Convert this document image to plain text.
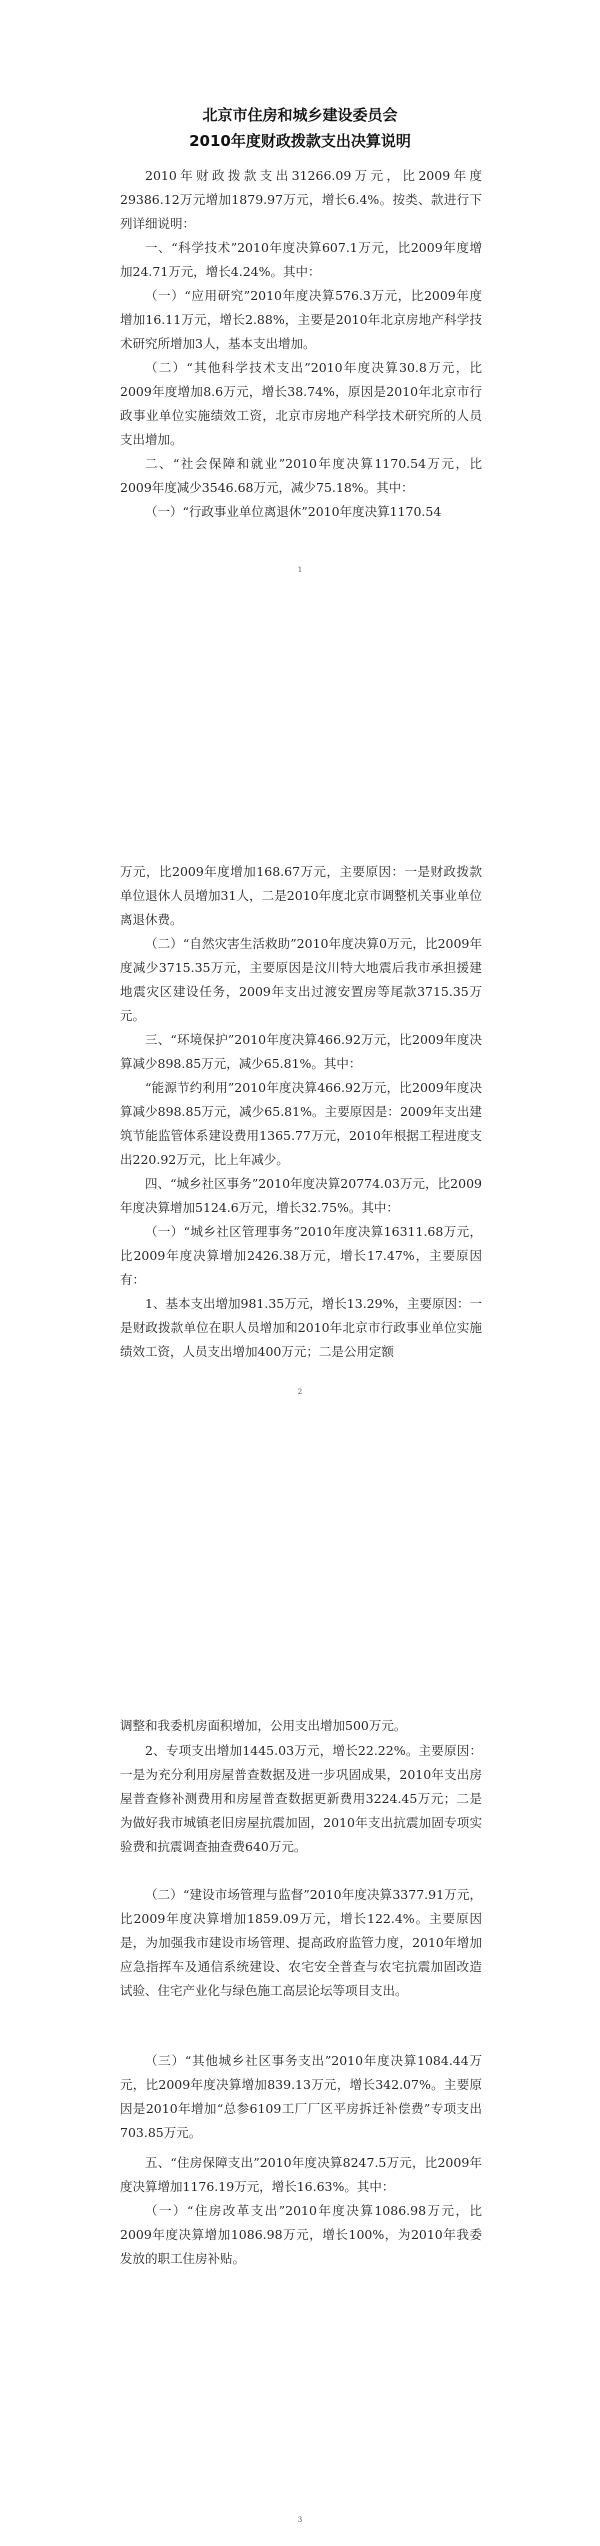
北京市住房和城乡建设委员会
2010年度财政拨款支出决算说明
2010年财政拨款支出31266.09万元，比2009年度29386.12万元增加1879.97万元，增长6.4%。按类、款进行下列详细说明：
一、“科学技术”2010年度决算607.1万元，比2009年度增加24.71万元，增长4.24%。其中：
（一）“应用研究”2010年度决算576.3万元，比2009年度增加16.11万元，增长2.88%，主要是2010年北京房地产科学技术研究所增加3人，基本支出增加。
（二）“其他科学技术支出”2010年度决算30.8万元，比2009年度增加8.6万元，增长38.74%，原因是2010年北京市行政事业单位实施绩效工资，北京市房地产科学技术研究所的人员支出增加。
二、“社会保障和就业”2010年度决算1170.54万元，比2009年度减少3546.68万元，减少75.18%。其中：
（一）“行政事业单位离退休”2010年度决算1170.54
1
万元，比2009年度增加168.67万元，主要原因：一是财政拨款单位退休人员增加31人，二是2010年度北京市调整机关事业单位离退休费。
（二）“自然灾害生活救助”2010年度决算0万元，比2009年度减少3715.35万元，主要原因是汶川特大地震后我市承担援建地震灾区建设任务，2009年支出过渡安置房等尾款3715.35万元。
三、“环境保护”2010年度决算466.92万元，比2009年度决算减少898.85万元，减少65.81%。其中：
“能源节约利用”2010年度决算466.92万元，比2009年度决算减少898.85万元，减少65.81%。主要原因是：2009年支出建筑节能监管体系建设费用1365.77万元，2010年根据工程进度支出220.92万元，比上年减少。
四、“城乡社区事务”2010年度决算20774.03万元，比2009年度决算增加5124.6万元，增长32.75%。其中：
（一）“城乡社区管理事务”2010年度决算16311.68万元，比2009年度决算增加2426.38万元，增长17.47%，主要原因有：
1、基本支出增加981.35万元，增长13.29%，主要原因：一是财政拨款单位在职人员增加和2010年北京市行政事业单位实施绩效工资，人员支出增加400万元；二是公用定额
2
调整和我委机房面积增加，公用支出增加500万元。
2、专项支出增加1445.03万元，增长22.22%。主要原因：一是为充分利用房屋普查数据及进一步巩固成果，2010年支出房屋普查修补测费用和房屋普查数据更新费用3224.45万元；二是为做好我市城镇老旧房屋抗震加固，2010年支出抗震加固专项实验费和抗震调查抽查费640万元。
（二）“建设市场管理与监督”2010年度决算3377.91万元，比2009年度决算增加1859.09万元，增长122.4%。主要原因是，为加强我市建设市场管理、提高政府监管力度，2010年增加应急指挥车及通信系统建设、农宅安全普查与农宅抗震加固改造试验、住宅产业化与绿色施工高层论坛等项目支出。
（三）“其他城乡社区事务支出”2010年度决算1084.44万元，比2009年度决算增加839.13万元，增长342.07%。主要原因是2010年增加“总参6109工厂厂区平房拆迁补偿费”专项支出703.85万元。
五、“住房保障支出”2010年度决算8247.5万元，比2009年度决算增加1176.19万元，增长16.63%。其中：
（一）“住房改革支出”2010年度决算1086.98万元，比2009年度决算增加1086.98万元，增长100%，为2010年我委发放的职工住房补贴。
3
